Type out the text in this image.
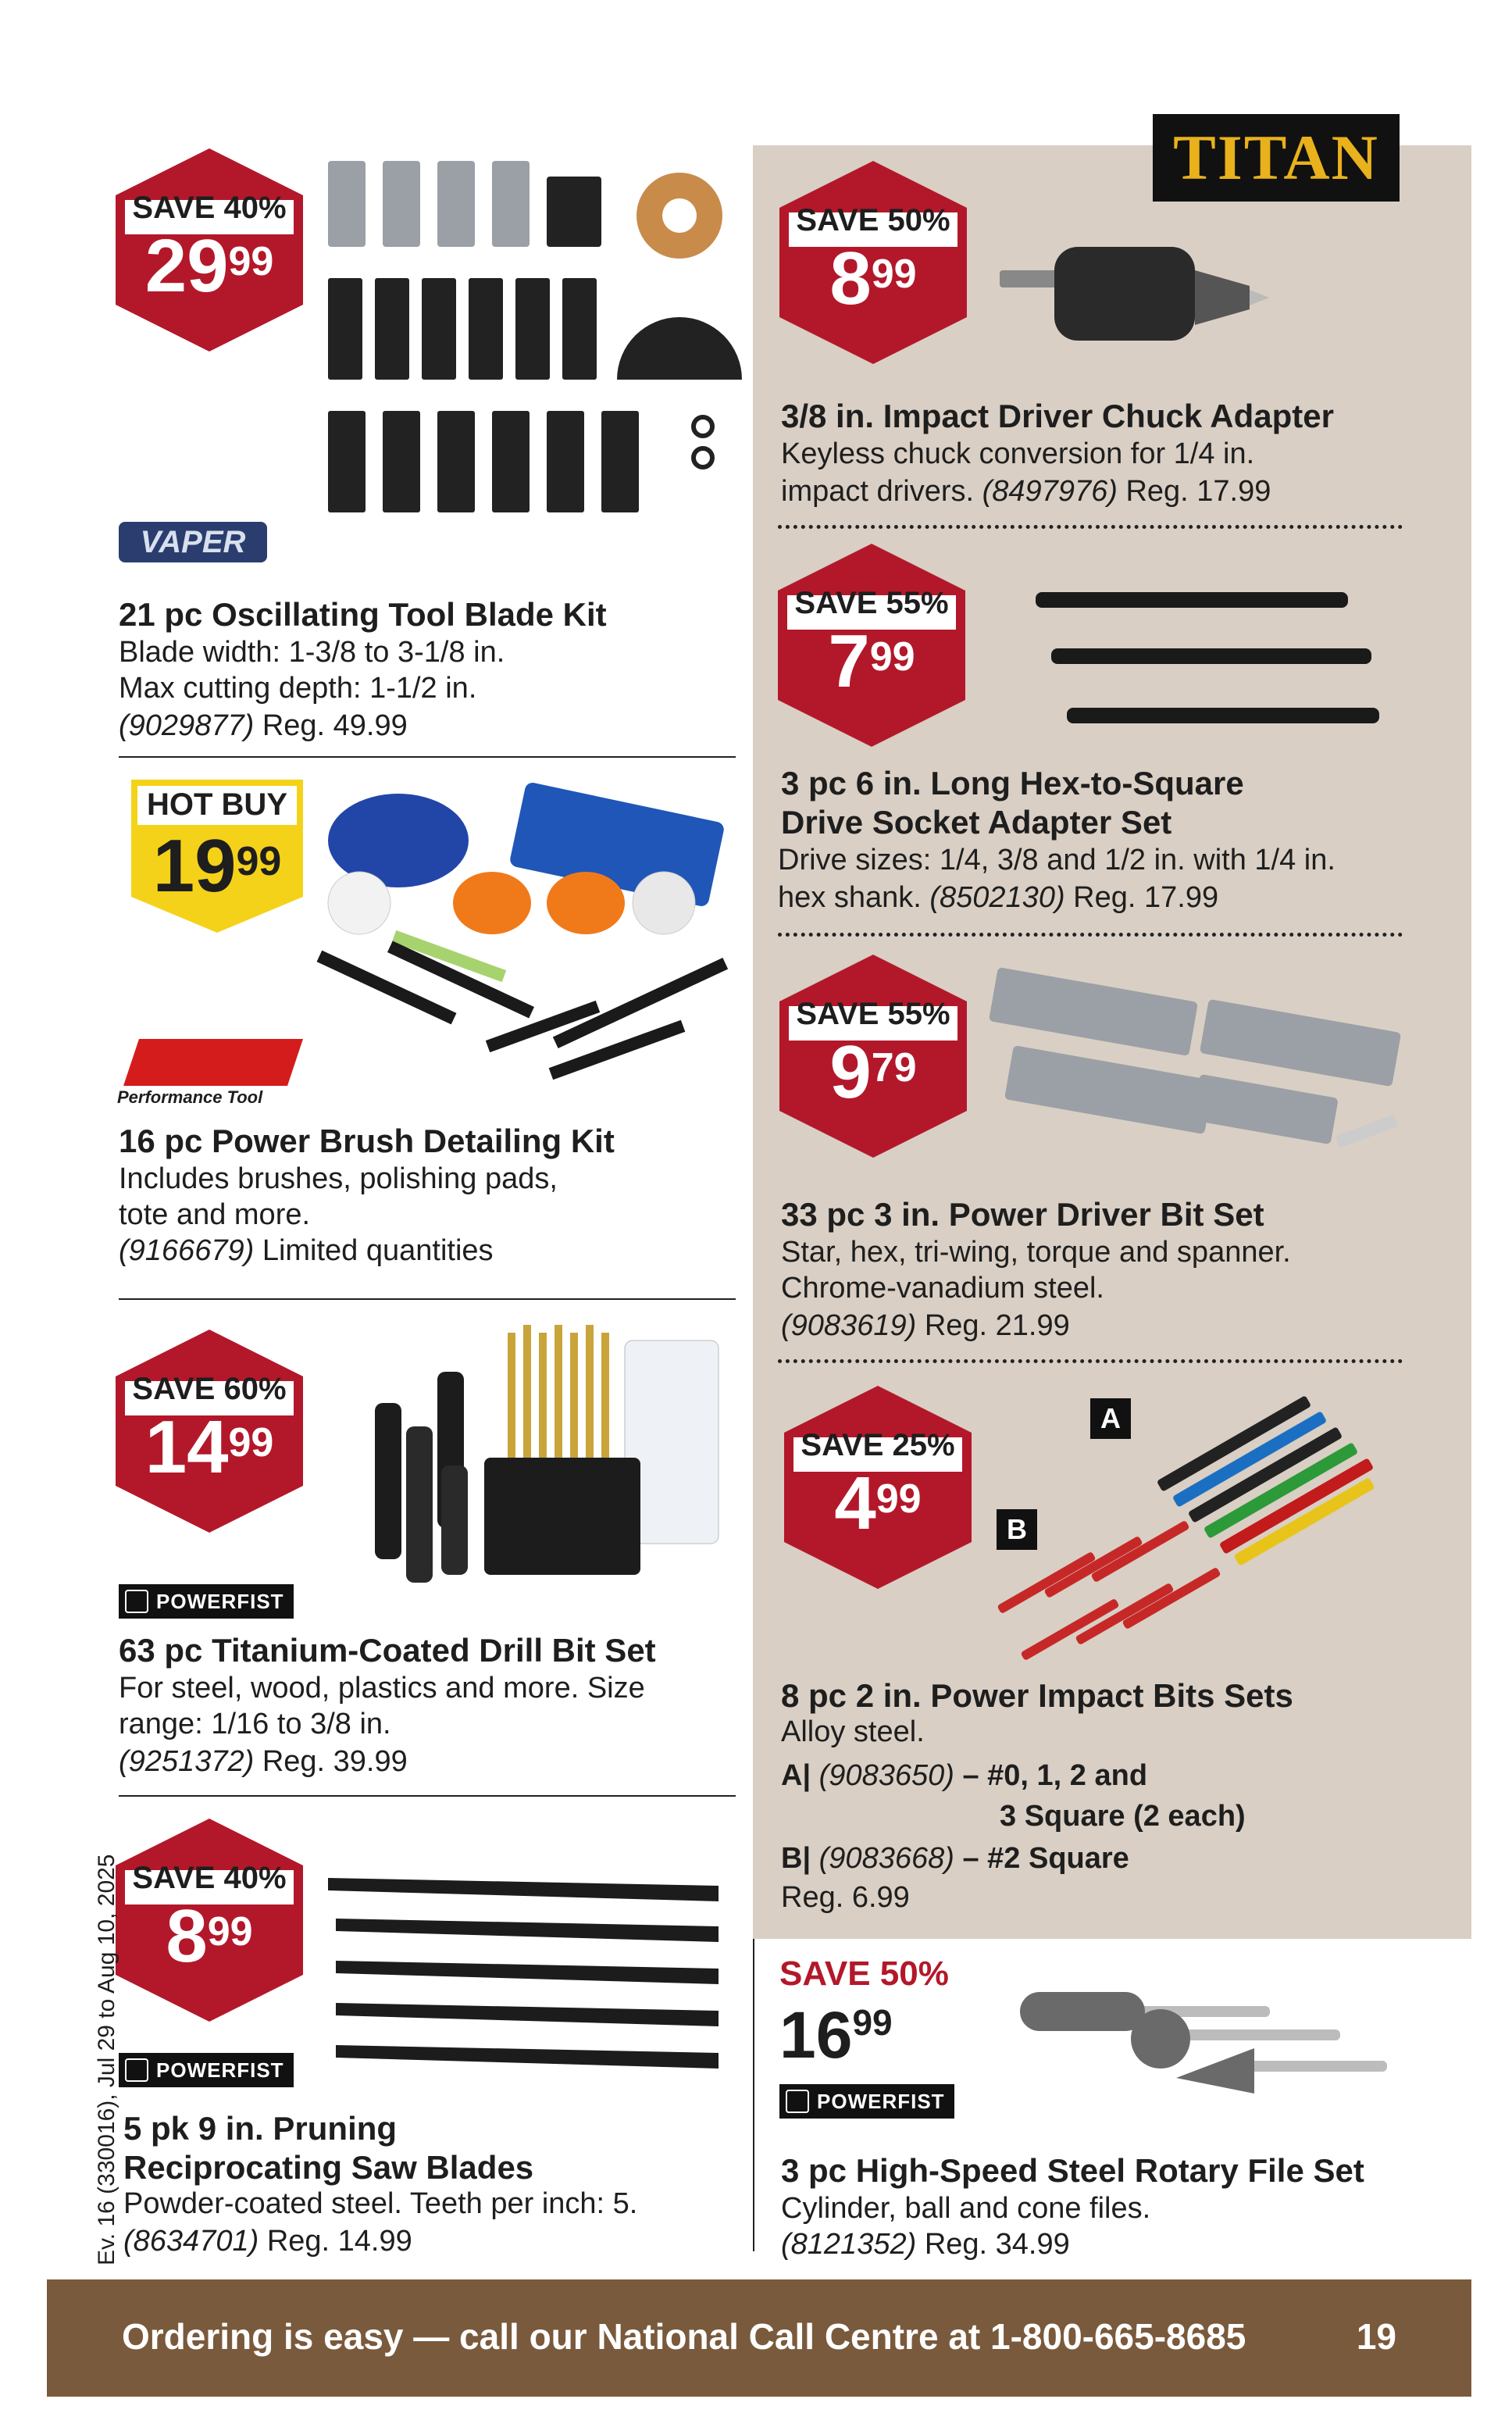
TITAN
SAVE 40%
$29^{99}$
VAPER
21 pc Oscillating Tool Blade Kit
Blade width: 1-3/8 to 3-1/8 in.
Max cutting depth: 1-1/2 in.
(9029877) Reg. 49.99
HOT BUY
$19^{99}$
Performance Tool
16 pc Power Brush Detailing Kit
Includes brushes, polishing pads,
tote and more.
(9166679) Limited quantities
SAVE 60%
$14^{99}$
POWERFIST
63 pc Titanium-Coated Drill Bit Set
For steel, wood, plastics and more. Size
range: 1/16 to 3/8 in.
(9251372) Reg. 39.99
SAVE 40%
$8^{99}$
POWERFIST
5 pk 9 in. Pruning
Reciprocating Saw Blades
Powder-coated steel. Teeth per inch: 5.
(8634701) Reg. 14.99
SAVE 50%
$8^{99}$
3/8 in. Impact Driver Chuck Adapter
Keyless chuck conversion for 1/4 in.
impact drivers. (8497976) Reg. 17.99
SAVE 55%
$7^{99}$
3 pc 6 in. Long Hex-to-Square
Drive Socket Adapter Set
Drive sizes: 1/4, 3/8 and 1/2 in. with 1/4 in.
hex shank. (8502130) Reg. 17.99
SAVE 55%
$9^{79}$
33 pc 3 in. Power Driver Bit Set
Star, hex, tri-wing, torque and spanner.
Chrome-vanadium steel.
(9083619) Reg. 21.99
SAVE 25%
$4^{99}$
A
B
8 pc 2 in. Power Impact Bits Sets
Alloy steel.
A| (9083650) – #0, 1, 2 and
3 Square (2 each)
B| (9083668) – #2 Square
Reg. 6.99
SAVE 50%
$16^{99}$
POWERFIST
3 pc High-Speed Steel Rotary File Set
Cylinder, ball and cone files.
(8121352) Reg. 34.99
Ev. 16 (330016), Jul 29 to Aug 10, 2025
Ordering is easy — call our National Call Centre at 1-800-665-8685	19
